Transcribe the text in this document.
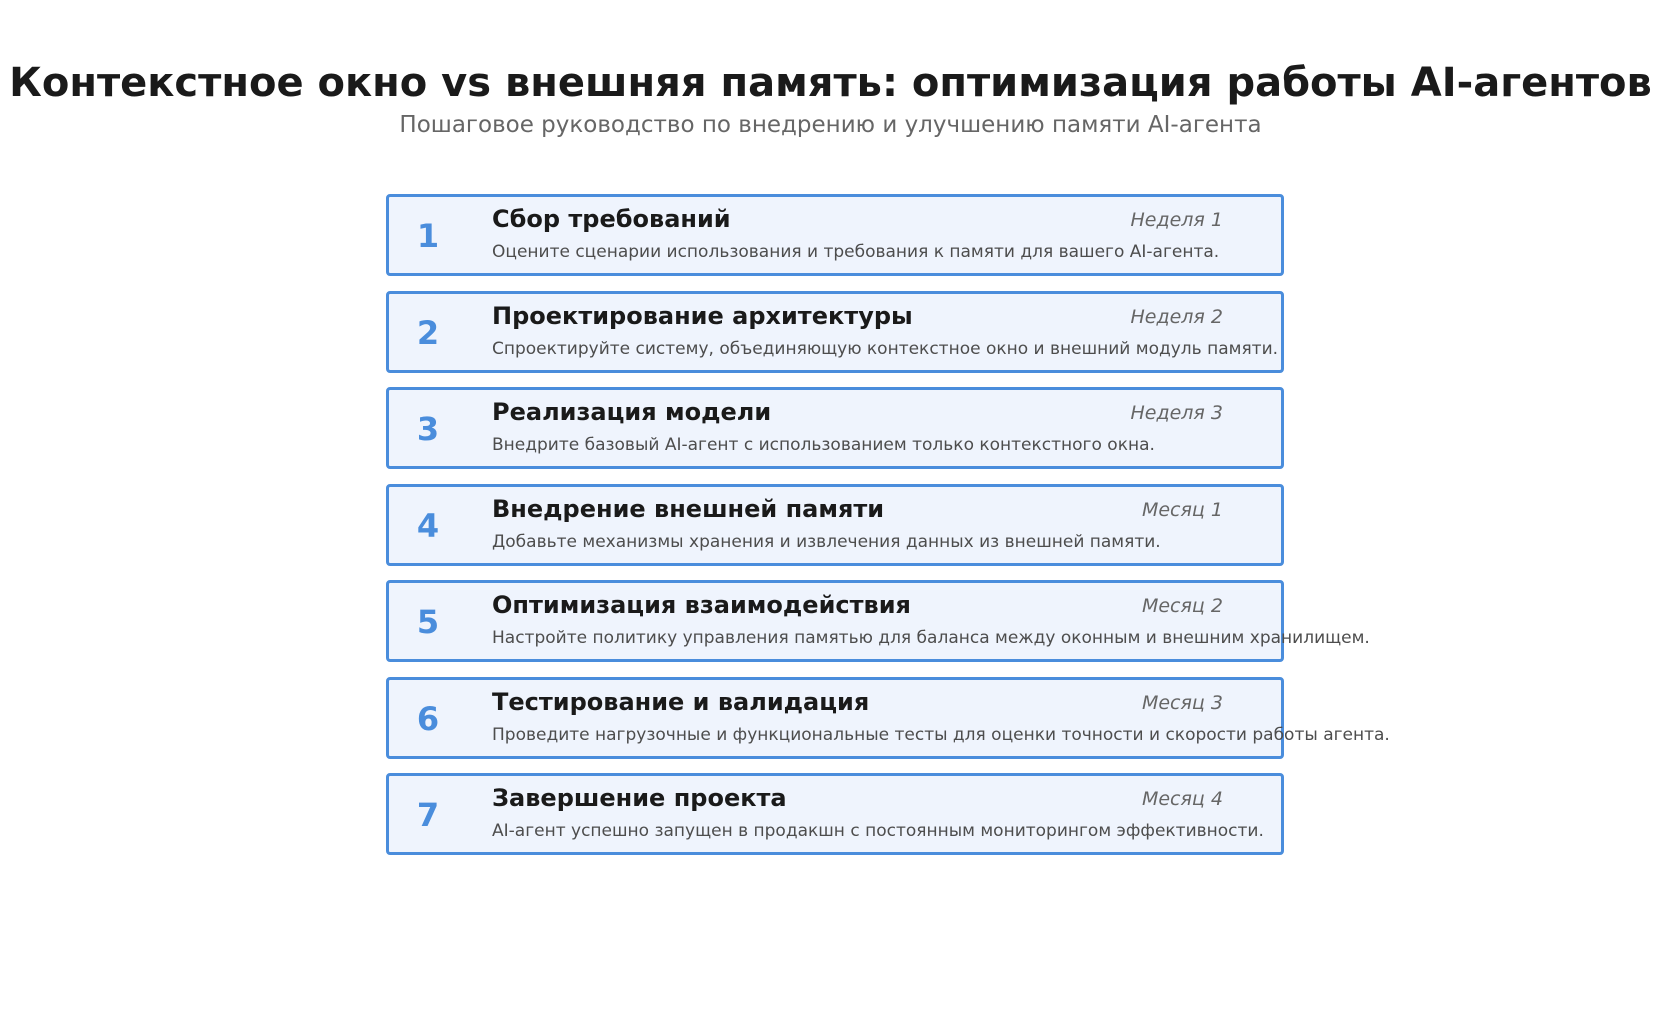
Контекстное окно vs внешняя память: оптимизация работы AI-агентов
Пошаговое руководство по внедрению и улучшению памяти AI-агента
1	Сбор требований	Неделя 1
Оцените сценарии использования и требования к памяти для вашего AI-агента.
2	Проектирование архитектуры	Неделя 2
Спроектируйте систему, объединяющую контекстное окно и внешний модуль памяти.
3	Реализация модели	Неделя 3
Внедрите базовый AI-агент с использованием только контекстного окна.
4	Внедрение внешней памяти	Месяц 1
Добавьте механизмы хранения и извлечения данных из внешней памяти.
5	Оптимизация взаимодействия	Месяц 2
Настройте политику управления памятью для баланса между оконным и внешним хранилищем.
6	Тестирование и валидация	Месяц 3
Проведите нагрузочные и функциональные тесты для оценки точности и скорости работы агента.
7	Завершение проекта	Месяц 4
AI-агент успешно запущен в продакшн с постоянным мониторингом эффективности.
